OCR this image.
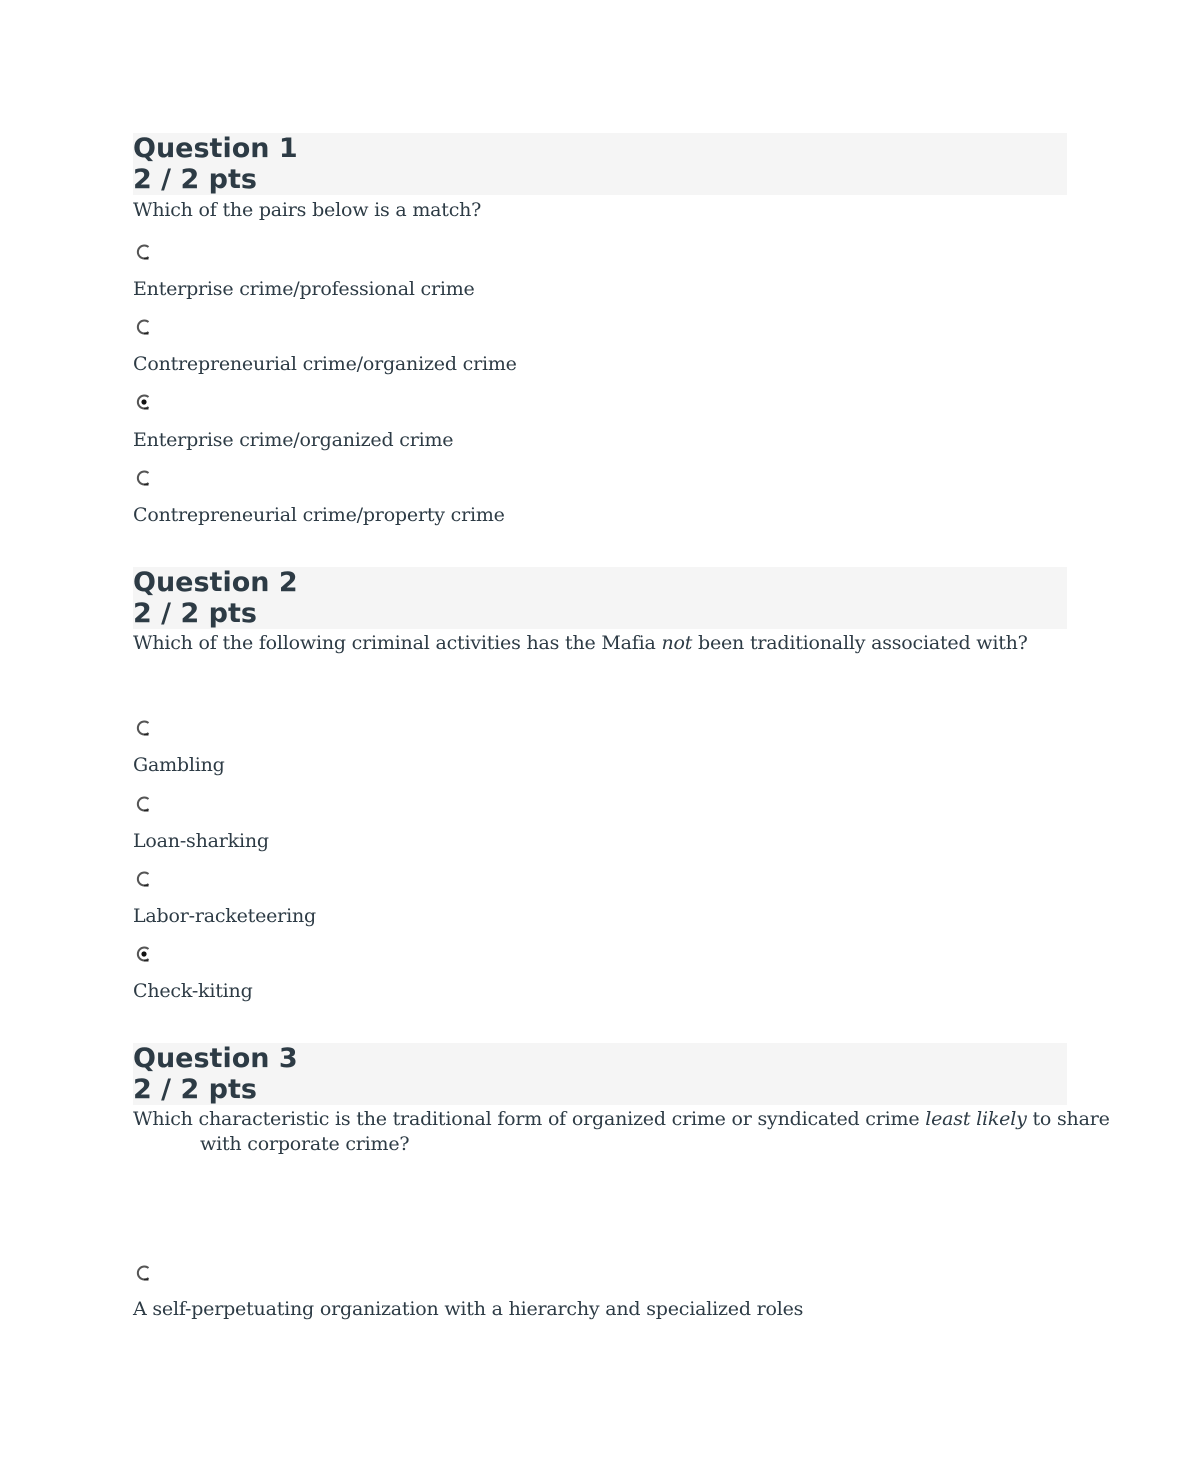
Question 1
2 / 2 pts
Which of the pairs below is a match?
Enterprise crime/professional crime
Contrepreneurial crime/organized crime
Enterprise crime/organized crime
Contrepreneurial crime/property crime
Question 2
2 / 2 pts
Which of the following criminal activities has the Mafia not been traditionally associated with?
Gambling
Loan-sharking
Labor-racketeering
Check-kiting
Question 3
2 / 2 pts
Which characteristic is the traditional form of organized crime or syndicated crime least likely to share
with corporate crime?
A self-perpetuating organization with a hierarchy and specialized roles
